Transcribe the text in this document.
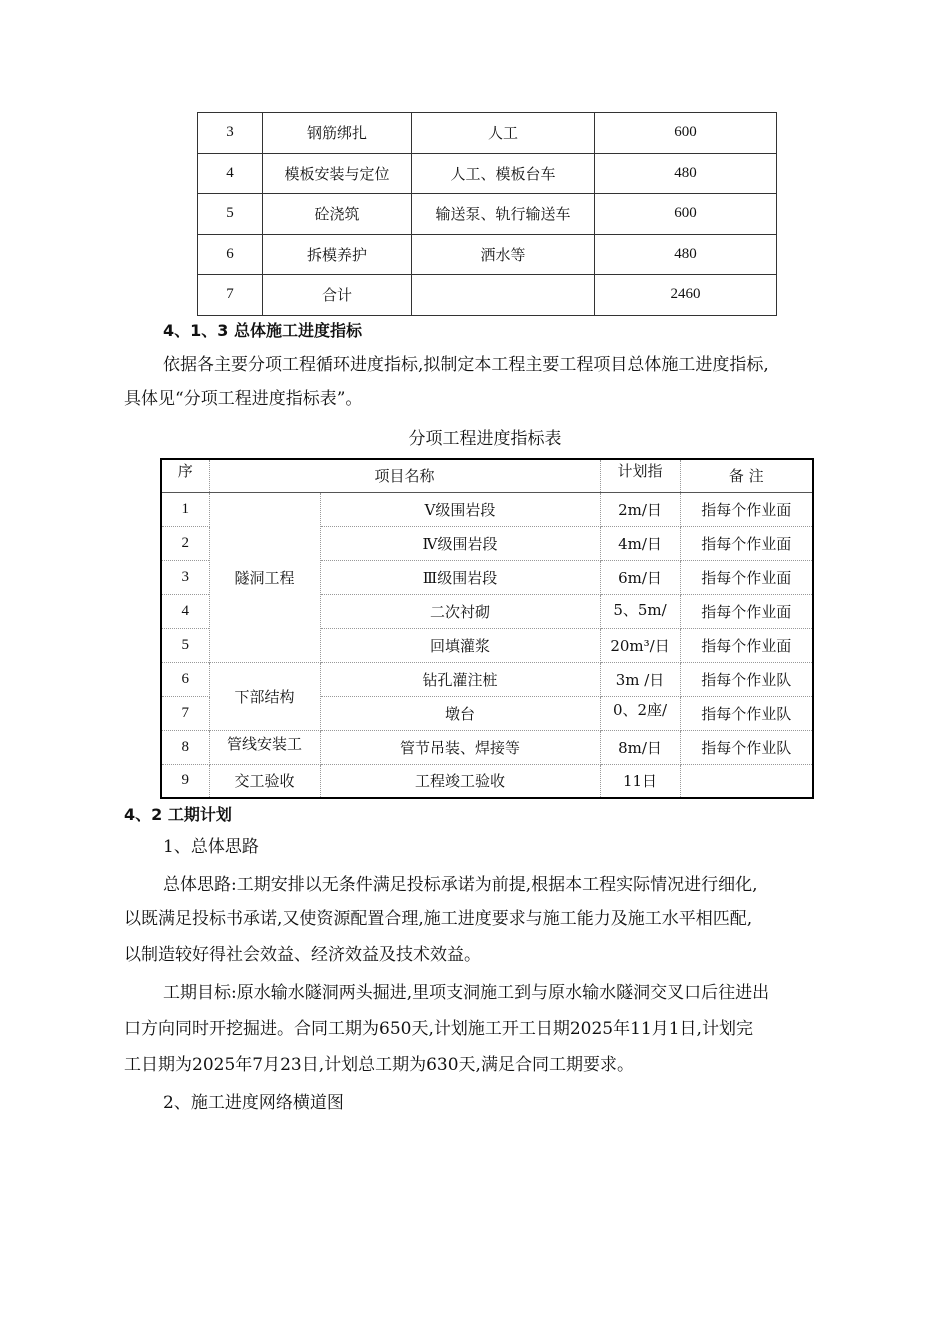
3	钢筋绑扎	人工	600
4	模板安装与定位	人工、模板台车	480
5	砼浇筑	输送泵、轨行输送车	600
6	拆模养护	洒水等	480
7	合计		2460
4、1、3 总体施工进度指标
依据各主要分项工程循环进度指标,拟制定本工程主要工程项目总体施工进度指标,
具体见“分项工程进度指标表”。
分项工程进度指标表
序	项目名称		计划指	备 注
1	隧洞工程	Ⅴ级围岩段	2m/日	指每个作业面
2		Ⅳ级围岩段	4m/日	指每个作业面
3		Ⅲ级围岩段	6m/日	指每个作业面
4		二次衬砌	5、5m/	指每个作业面
5		回填灌浆	20m³/日	指每个作业面
6	下部结构	钻孔灌注桩	3m /日	指每个作业队
7		墩台	0、2座/	指每个作业队
8	管线安装工	管节吊装、焊接等	8m/日	指每个作业队
9	交工验收	工程竣工验收	11日	
4、2 工期计划
1、总体思路
总体思路:工期安排以无条件满足投标承诺为前提,根据本工程实际情况进行细化,
以既满足投标书承诺,又使资源配置合理,施工进度要求与施工能力及施工水平相匹配,
以制造较好得社会效益、经济效益及技术效益。
工期目标:原水输水隧洞两头掘进,里项支洞施工到与原水输水隧洞交叉口后往进出
口方向同时开挖掘进。合同工期为650天,计划施工开工日期2025年11月1日,计划完
工日期为2025年7月23日,计划总工期为630天,满足合同工期要求。
2、施工进度网络横道图
